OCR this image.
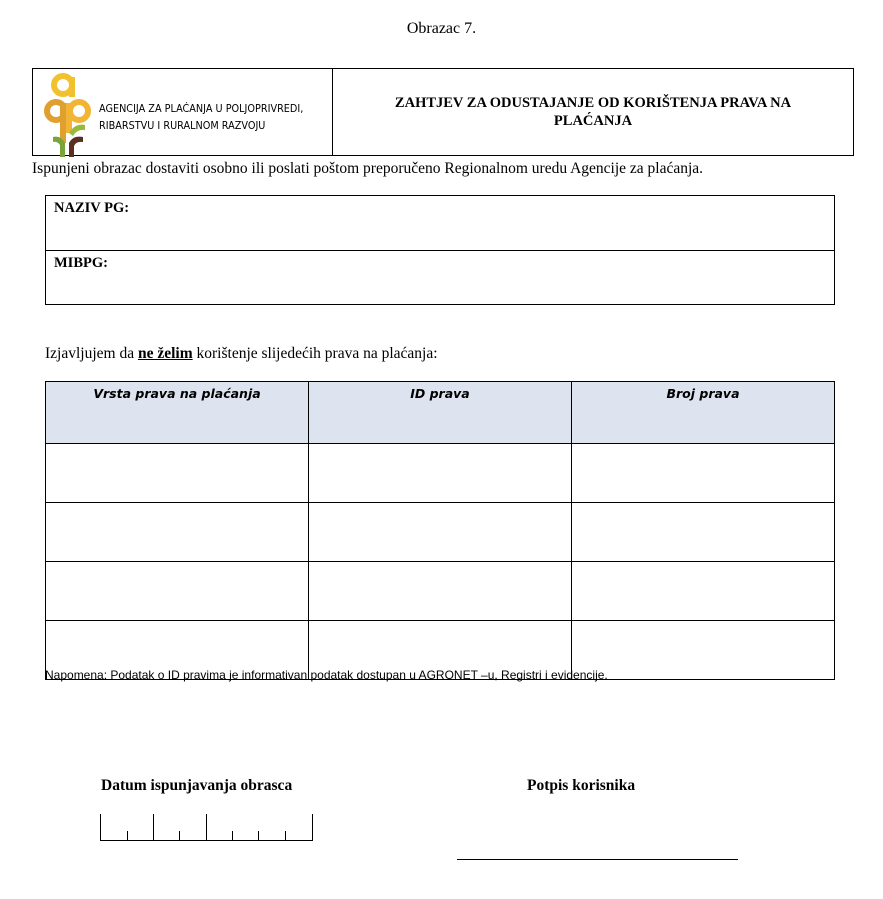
Obrazac 7.
AGENCIJA ZA PLAĆANJA U POLJOPRIVREDI,
RIBARSTVU I RURALNOM RAZVOJU
ZAHTJEV ZA ODUSTAJANJE OD KORIŠTENJA PRAVA NA PLAĆANJA
Ispunjeni obrazac dostaviti osobno ili poslati poštom preporučeno Regionalnom uredu Agencije za plaćanja.
NAZIV PG:
MIBPG:
Izjavljujem da ne želim korištenje slijedećih prava na plaćanja:
Vrsta prava na plaćanja	ID prava	Broj prava

Napomena: Podatak o ID pravima je informativan podatak dostupan u AGRONET –u, Registri i evidencije.
Datum ispunjavanja obrasca	Potpis korisnika
